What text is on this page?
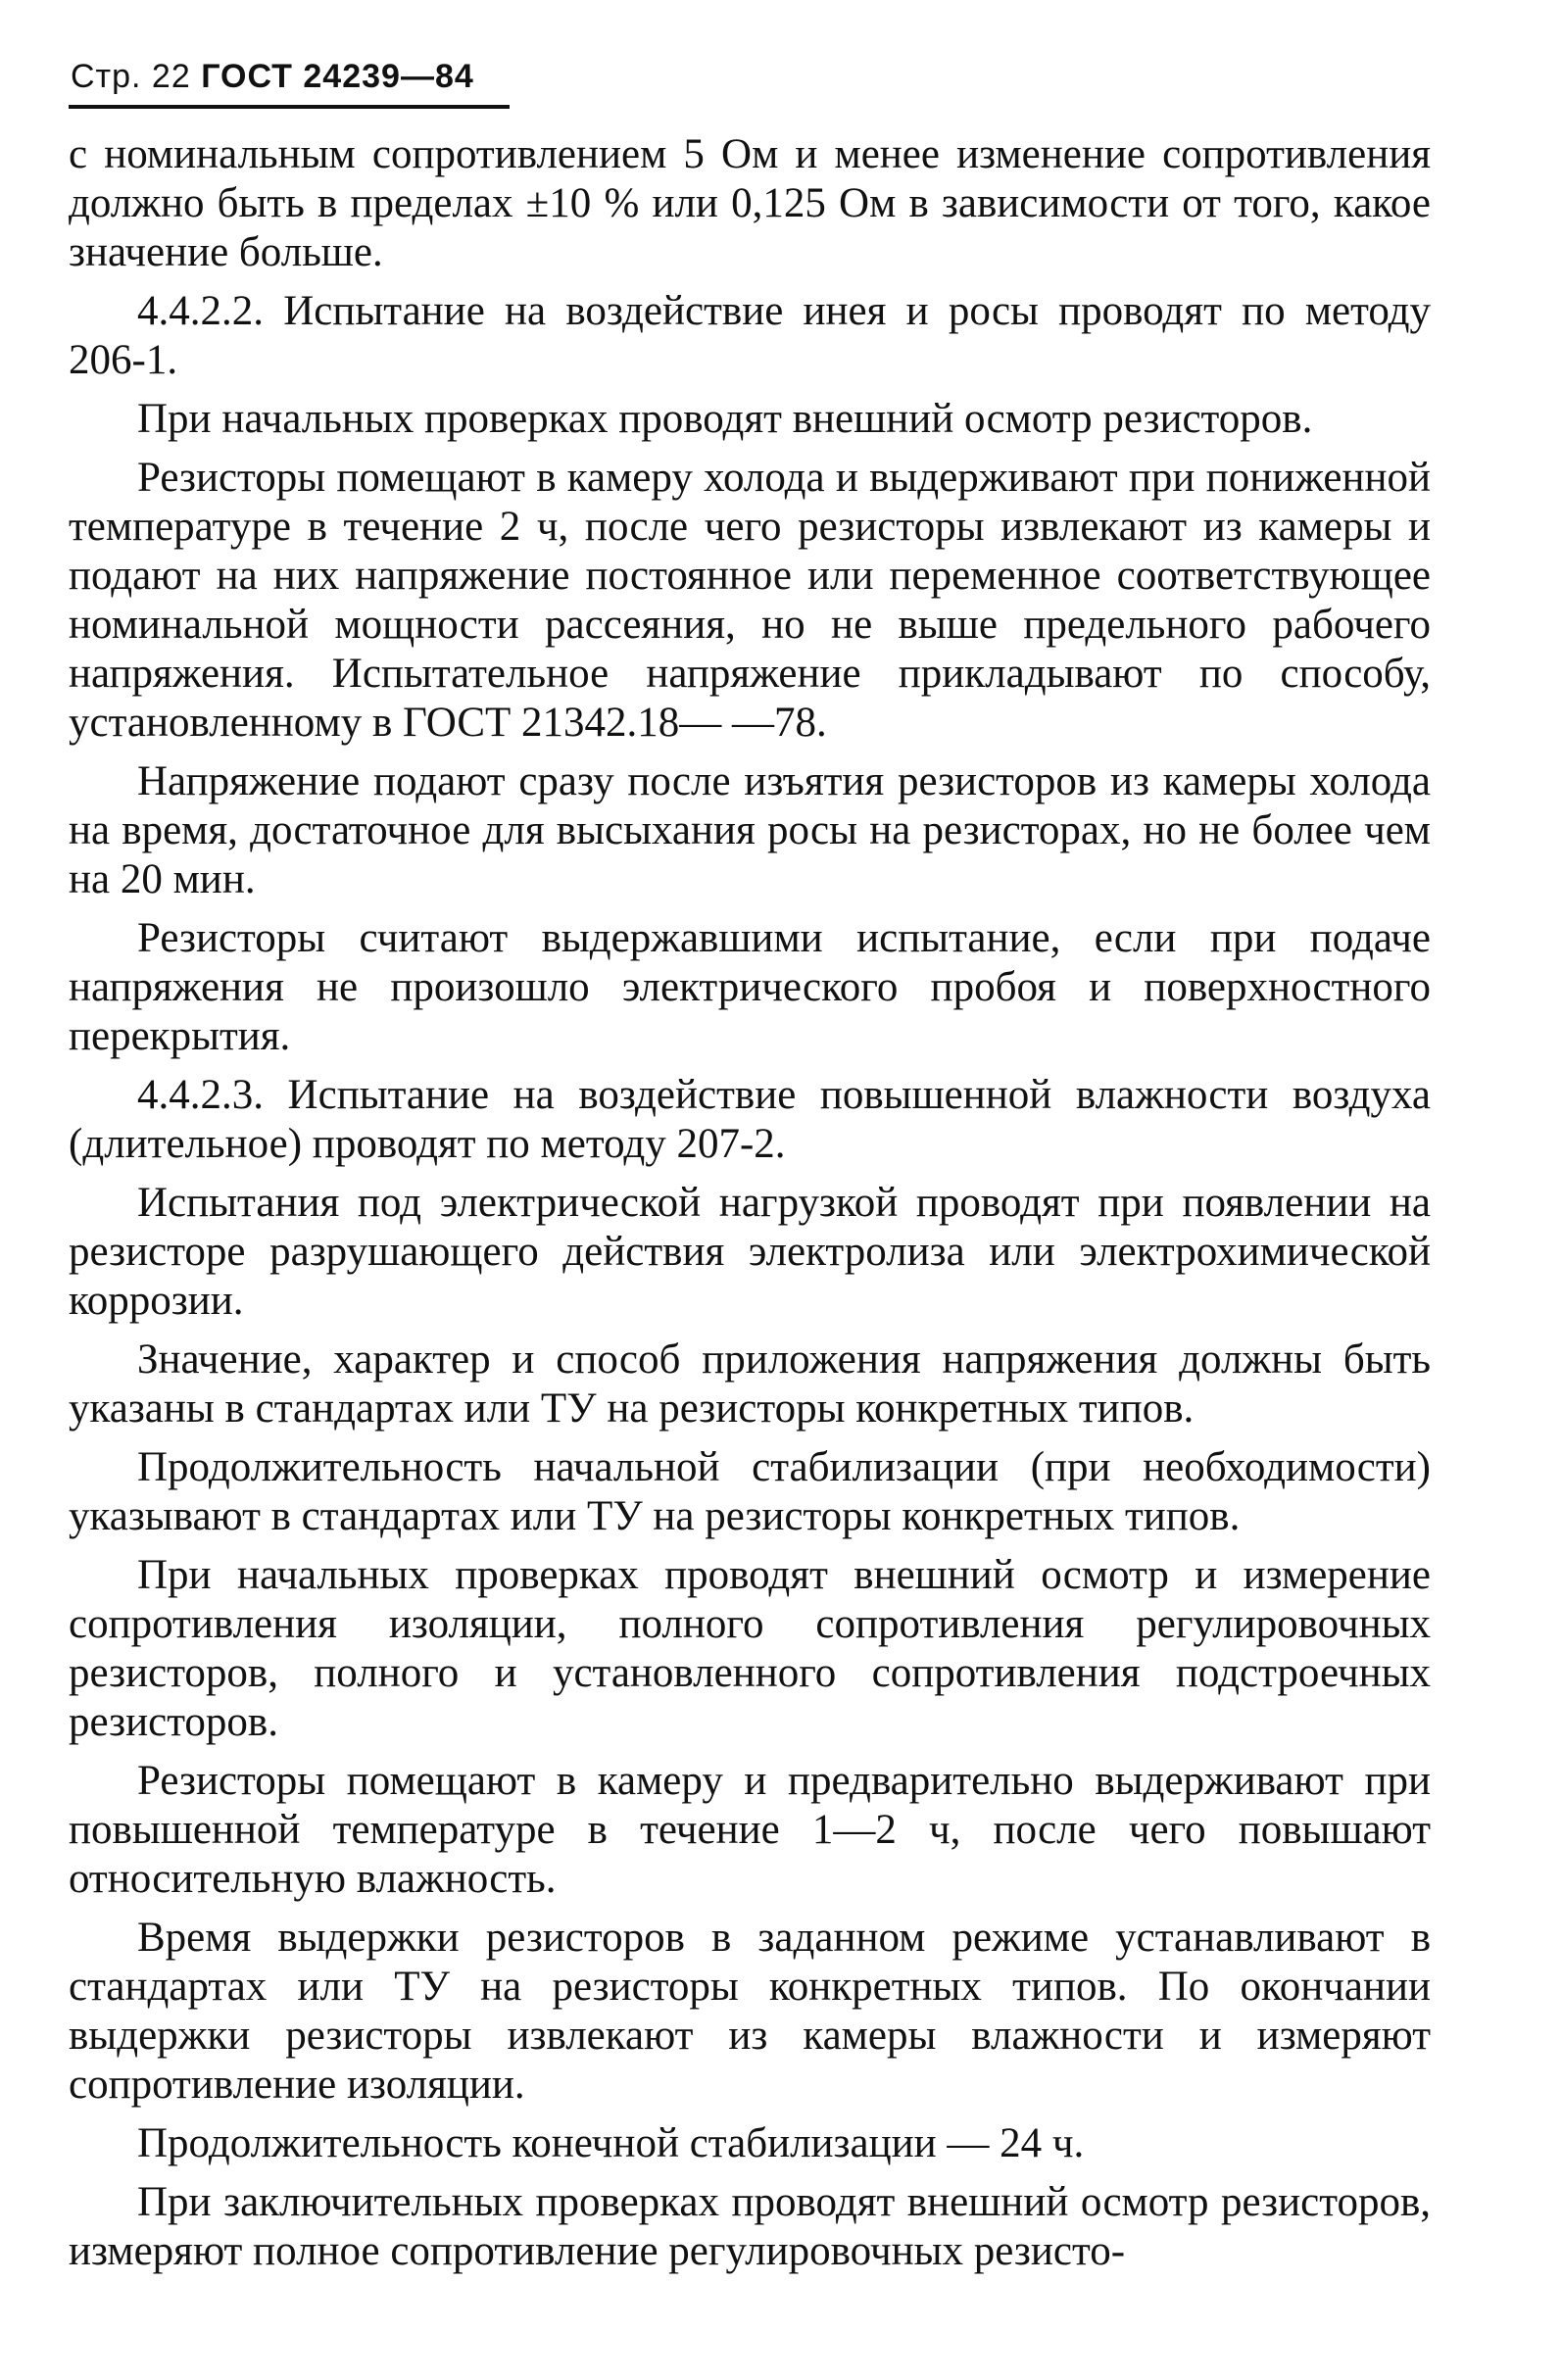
Стр. 22 ГОСТ 24239—84

с номинальным сопротивлением 5 Ом и менее изменение сопротивления должно быть в пределах ±10 % или 0,125 Ом в зависимости от того, какое значение больше.

4.4.2.2. Испытание на воздействие инея и росы проводят по методу 206-1.

При начальных проверках проводят внешний осмотр резисторов.

Резисторы помещают в камеру холода и выдерживают при пониженной температуре в течение 2 ч, после чего резисторы извлекают из камеры и подают на них напряжение постоянное или переменное соответствующее номинальной мощности рассеяния, но не выше предельного рабочего напряжения. Испытательное напряжение прикладывают по способу, установленному в ГОСТ 21342.18— —78.

Напряжение подают сразу после изъятия резисторов из камеры холода на время, достаточное для высыхания росы на резисторах, но не более чем на 20 мин.

Резисторы считают выдержавшими испытание, если при подаче напряжения не произошло электрического пробоя и поверхностного перекрытия.

4.4.2.3. Испытание на воздействие повышенной влажности воздуха (длительное) проводят по методу 207-2.

Испытания под электрической нагрузкой проводят при появлении на резисторе разрушающего действия электролиза или электрохимической коррозии.

Значение, характер и способ приложения напряжения должны быть указаны в стандартах или ТУ на резисторы конкретных типов.

Продолжительность начальной стабилизации (при необходимости) указывают в стандартах или ТУ на резисторы конкретных типов.

При начальных проверках проводят внешний осмотр и измерение сопротивления изоляции, полного сопротивления регулировочных резисторов, полного и установленного сопротивления подстроечных резисторов.

Резисторы помещают в камеру и предварительно выдерживают при повышенной температуре в течение 1—2 ч, после чего повышают относительную влажность.

Время выдержки резисторов в заданном режиме устанавливают в стандартах или ТУ на резисторы конкретных типов. По окончании выдержки резисторы извлекают из камеры влажности и измеряют сопротивление изоляции.

Продолжительность конечной стабилизации — 24 ч.

При заключительных проверках проводят внешний осмотр резисторов, измеряют полное сопротивление регулировочных резисто-
